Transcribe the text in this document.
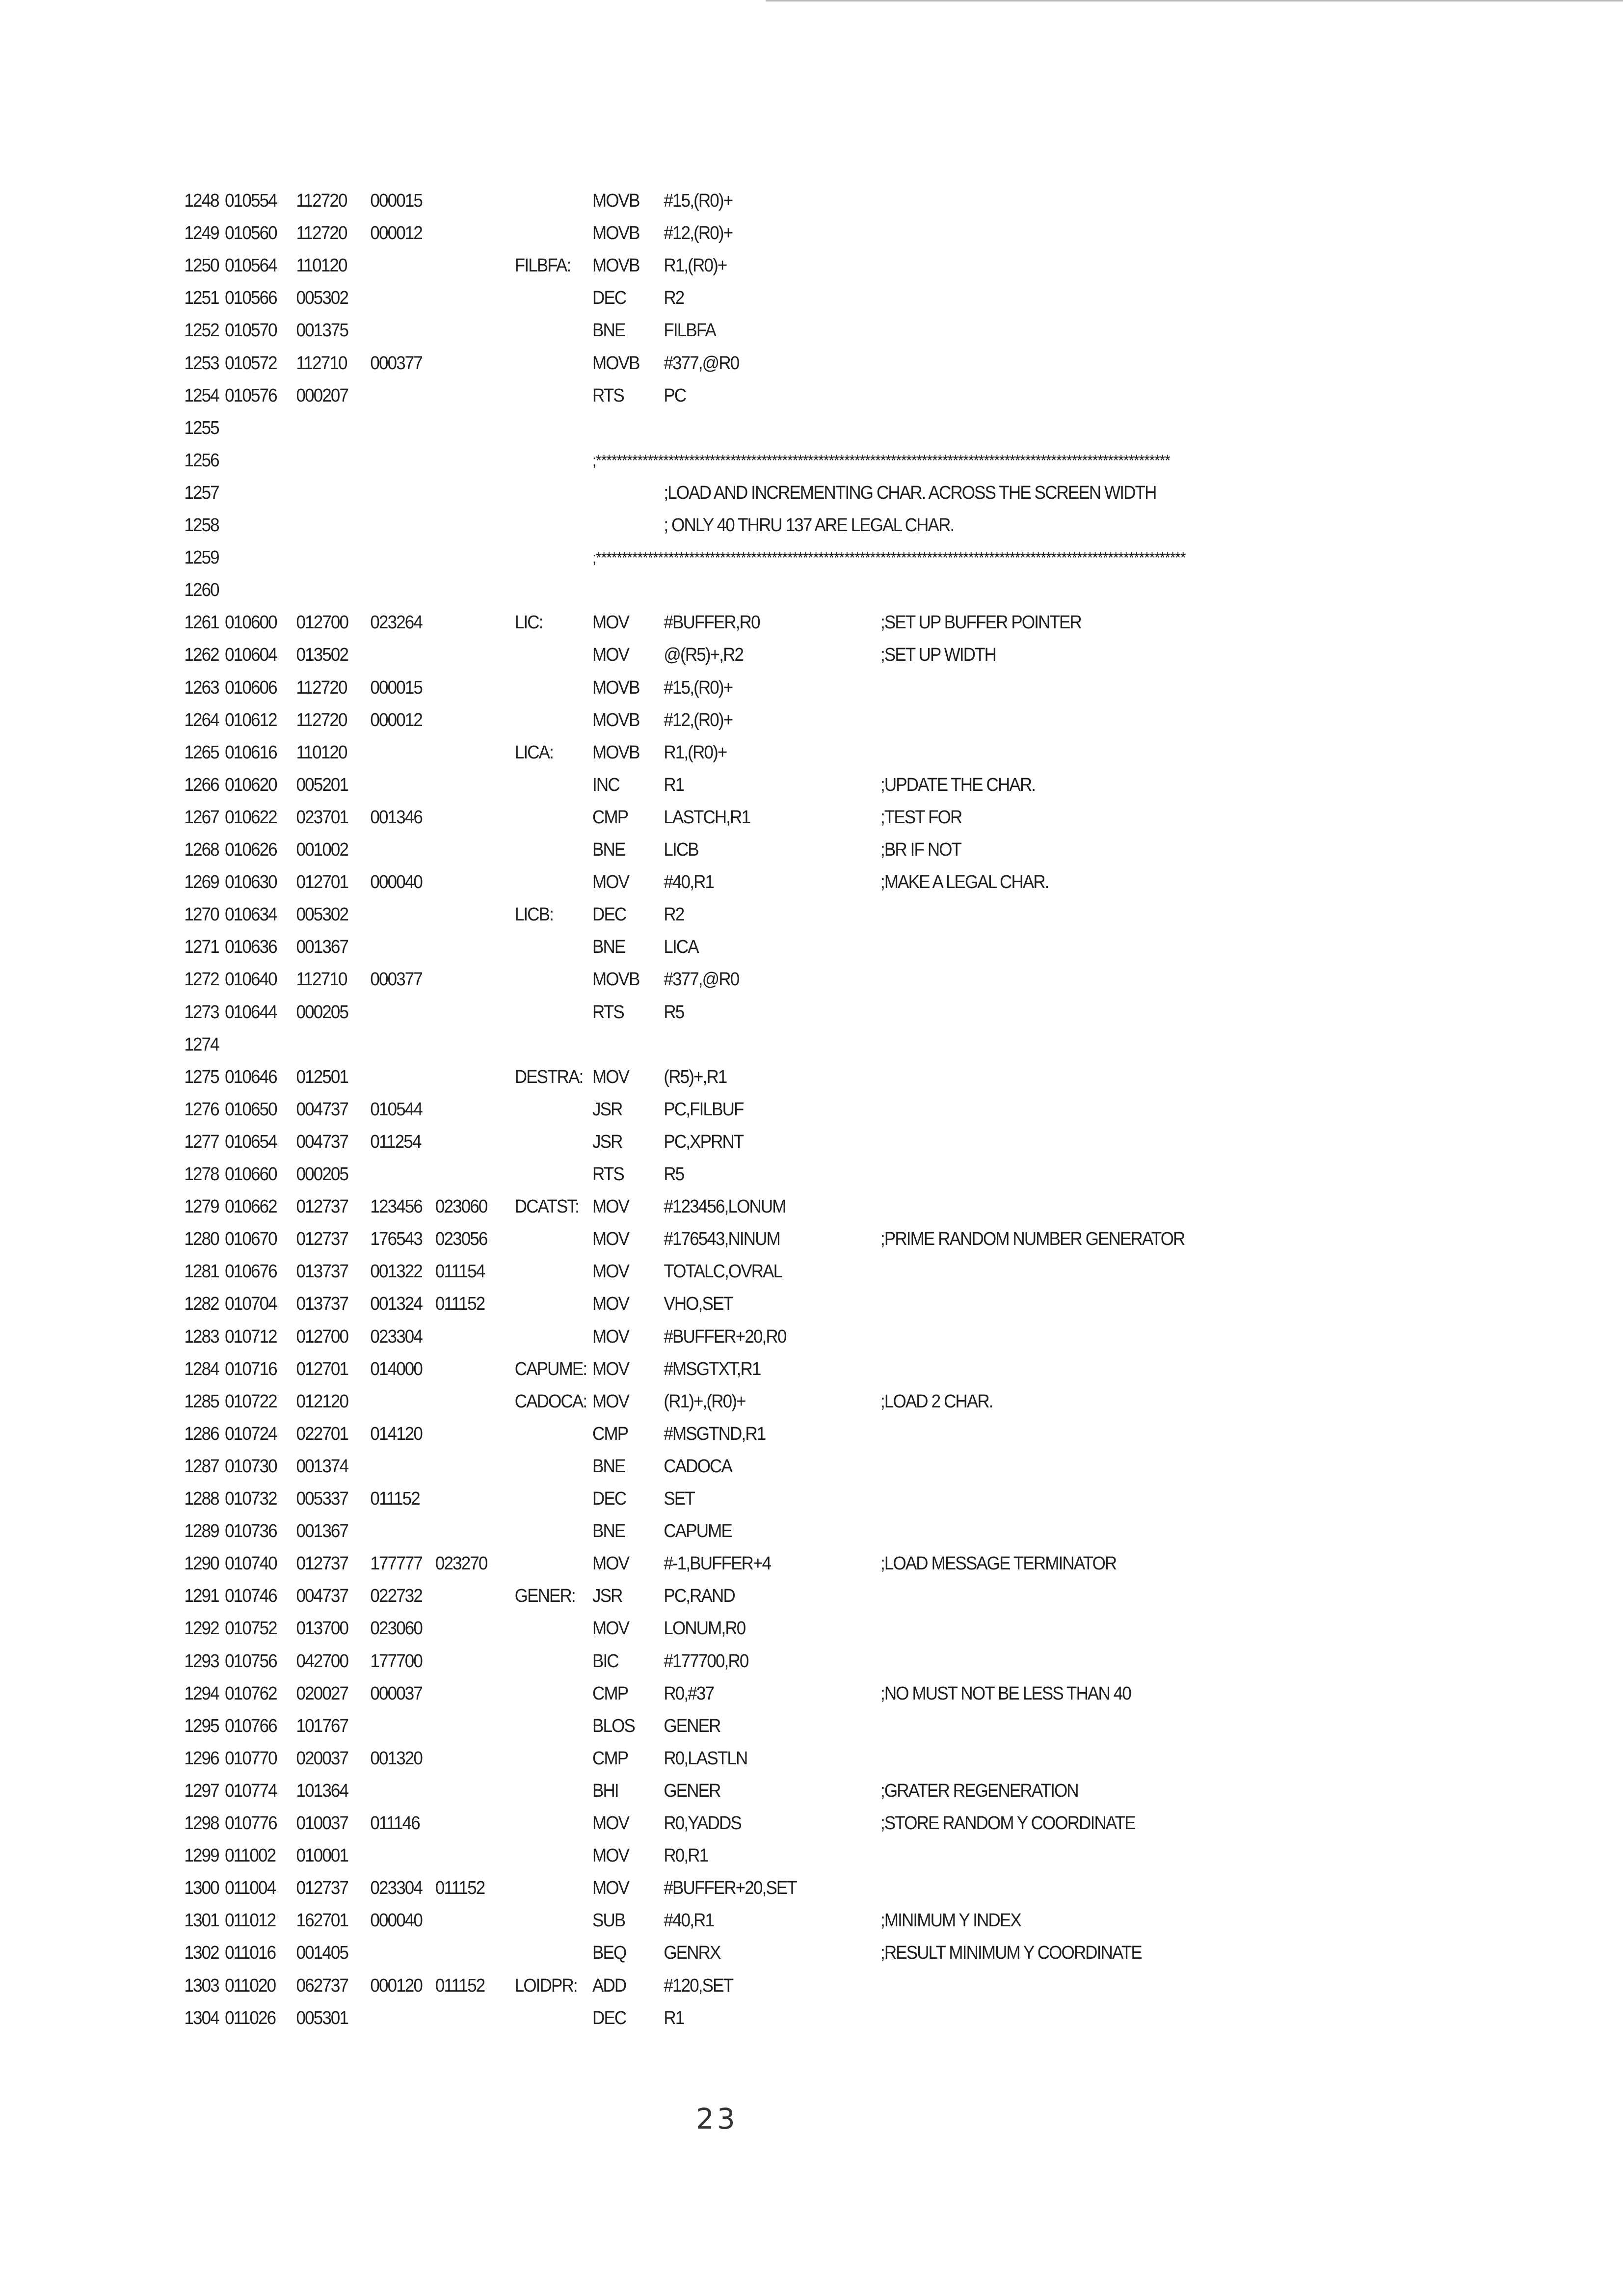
1248 010554 112720 000015	MOVB #15,(R0)+
1249 010560 112720 000012	MOVB #12,(R0)+
1250 010564 110120	FILBFA: MOVB R1,(R0)+
1251 010566 005302	DEC R2
1252 010570 001375	BNE FILBFA
1253 010572 112710 000377	MOVB #377,@R0
1254 010576 000207	RTS PC
1255
1256	;***************************************************************************************************************
1257	;LOAD AND INCREMENTING CHAR. ACROSS THE SCREEN WIDTH
1258	; ONLY 40 THRU 137 ARE LEGAL CHAR.
1259	;******************************************************************************************************************
1260
1261 010600 012700 023264	LIC:	MOV #BUFFER,R0	;SET UP BUFFER POINTER
1262 010604 013502	MOV @(R5)+,R2	;SET UP WIDTH
1263 010606 112720 000015	MOVB #15,(R0)+
1264 010612 112720 000012	MOVB #12,(R0)+
1265 010616 110120	LICA: MOVB R1,(R0)+
1266 010620 005201	INC R1	;UPDATE THE CHAR.
1267 010622 023701 001346	CMP LASTCH,R1	;TEST FOR
1268 010626 001002	BNE LICB	;BR IF NOT
1269 010630 012701 000040	MOV #40,R1	;MAKE A LEGAL CHAR.
1270 010634 005302	LICB: DEC R2
1271 010636 001367	BNE LICA
1272 010640 112710 000377	MOVB #377,@R0
1273 010644 000205	RTS R5
1274
1275 010646 012501	DESTRA: MOV (R5)+,R1
1276 010650 004737 010544	JSR PC,FILBUF
1277 010654 004737 011254	JSR PC,XPRNT
1278 010660 000205	RTS R5
1279 010662 012737 123456 023060 DCATST: MOV #123456,LONUM
1280 010670 012737 176543 023056	MOV #176543,NINUM	;PRIME RANDOM NUMBER GENERATOR
1281 010676 013737 001322 011154	MOV TOTALC,OVRAL
1282 010704 013737 001324 011152	MOV VHO,SET
1283 010712 012700 023304	MOV #BUFFER+20,R0
1284 010716 012701 014000	CAPUME: MOV #MSGTXT,R1
1285 010722 012120	CADOCA: MOV (R1)+,(R0)+	;LOAD 2 CHAR.
1286 010724 022701 014120	CMP #MSGTND,R1
1287 010730 001374	BNE CADOCA
1288 010732 005337 011152	DEC SET
1289 010736 001367	BNE CAPUME
1290 010740 012737 177777 023270	MOV #-1,BUFFER+4	;LOAD MESSAGE TERMINATOR
1291 010746 004737 022732	GENER: JSR PC,RAND
1292 010752 013700 023060	MOV LONUM,R0
1293 010756 042700 177700	BIC #177700,R0
1294 010762 020027 000037	CMP R0,#37	;NO MUST NOT BE LESS THAN 40
1295 010766 101767	BLOS GENER
1296 010770 020037 001320	CMP R0,LASTLN
1297 010774 101364	BHI GENER	;GRATER REGENERATION
1298 010776 010037 011146	MOV R0,YADDS	;STORE RANDOM Y COORDINATE
1299 011002 010001	MOV R0,R1
1300 011004 012737 023304 011152	MOV #BUFFER+20,SET
1301 011012 162701 000040	SUB #40,R1	;MINIMUM Y INDEX
1302 011016 001405	BEQ GENRX	;RESULT MINIMUM Y COORDINATE
1303 011020 062737 000120 011152 LOIDPR: ADD #120,SET
1304 011026 005301	DEC R1
23
